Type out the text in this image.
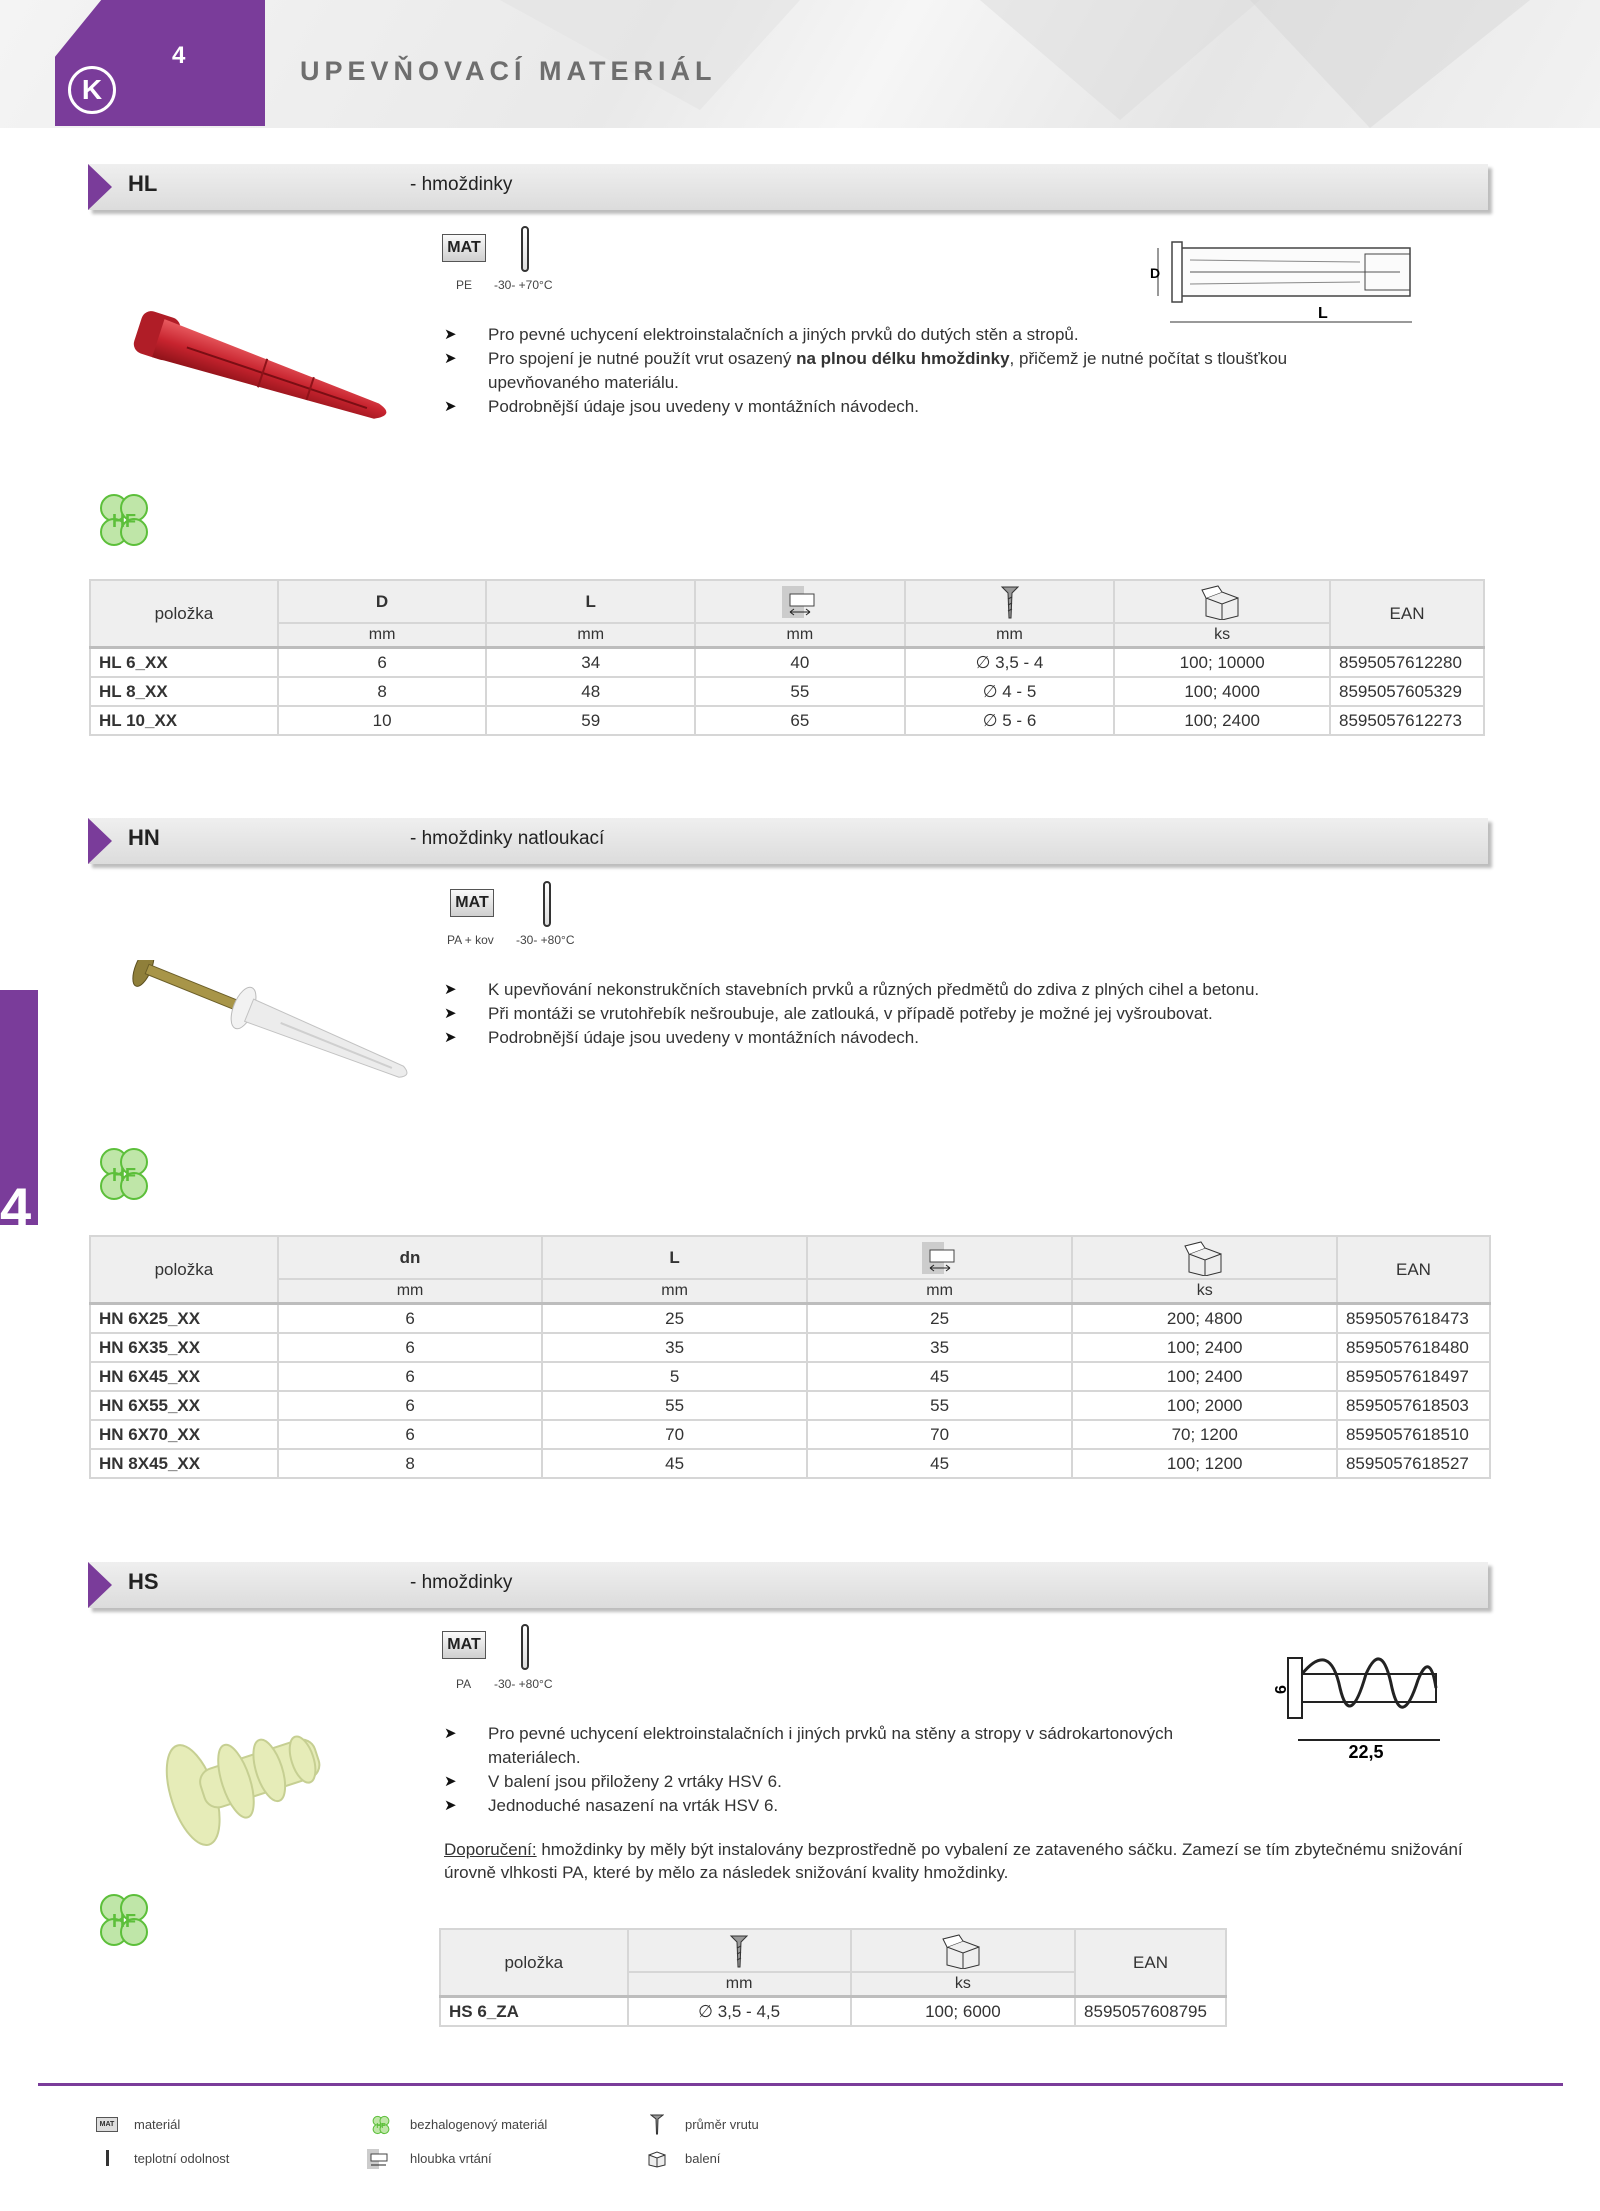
4
K
UPEVŇOVACÍ MATERIÁL
4
HL	- hmoždinky
MAT
PE -30- +70°C
D
L
➤ Pro pevné uchycení elektroinstalačních a jiných prvků do dutých stěn a stropů.
➤ Pro spojení je nutné použít vrut osazený na plnou délku hmoždinky, přičemž je nutné počítat s tloušťkou upevňovaného materiálu.
➤ Podrobnější údaje jsou uvedeny v montážních návodech.
HF
položka	D	L				EAN
	mm	mm	mm	mm	ks	
HL 6_XX	6	34	40	∅ 3,5 - 4	100; 10000	8595057612280
HL 8_XX	8	48	55	∅ 4 - 5	100; 4000	8595057605329
HL 10_XX	10	59	65	∅ 5 - 6	100; 2400	8595057612273
HN	- hmoždinky natloukací
MAT
PA + kov -30- +80°C
➤ K upevňování nekonstrukčních stavebních prvků a různých předmětů do zdiva z plných cihel a betonu.
➤ Při montáži se vrutohřebík nešroubuje, ale zatlouká, v případě potřeby je možné jej vyšroubovat.
➤ Podrobnější údaje jsou uvedeny v montážních návodech.
HF
položka	dn	L			EAN
	mm	mm	mm	ks	
HN 6X25_XX	6	25	25	200; 4800	8595057618473
HN 6X35_XX	6	35	35	100; 2400	8595057618480
HN 6X45_XX	6	5	45	100; 2400	8595057618497
HN 6X55_XX	6	55	55	100; 2000	8595057618503
HN 6X70_XX	6	70	70	70; 1200	8595057618510
HN 8X45_XX	8	45	45	100; 1200	8595057618527
HS	- hmoždinky
MAT
PA -30- +80°C	6
22,5
➤ Pro pevné uchycení elektroinstalačních i jiných prvků na stěny a stropy v sádrokartonových materiálech.
➤ V balení jsou přiloženy 2 vrtáky HSV 6.
➤ Jednoduché nasazení na vrták HSV 6.
Doporučení: hmoždinky by měly být instalovány bezprostředně po vybalení ze zataveného sáčku. Zamezí se tím zbytečnému snižování úrovně vlhkosti PA, které by mělo za následek snižování kvality hmoždinky.
HF
položka			EAN
	mm	ks	
HS 6_ZA	∅ 3,5 - 4,5	100; 6000	8595057608795
MAT materiál	HF bezhalogenový materiál	průměr vrutu
teplotní odolnost	hloubka vrtání	balení
